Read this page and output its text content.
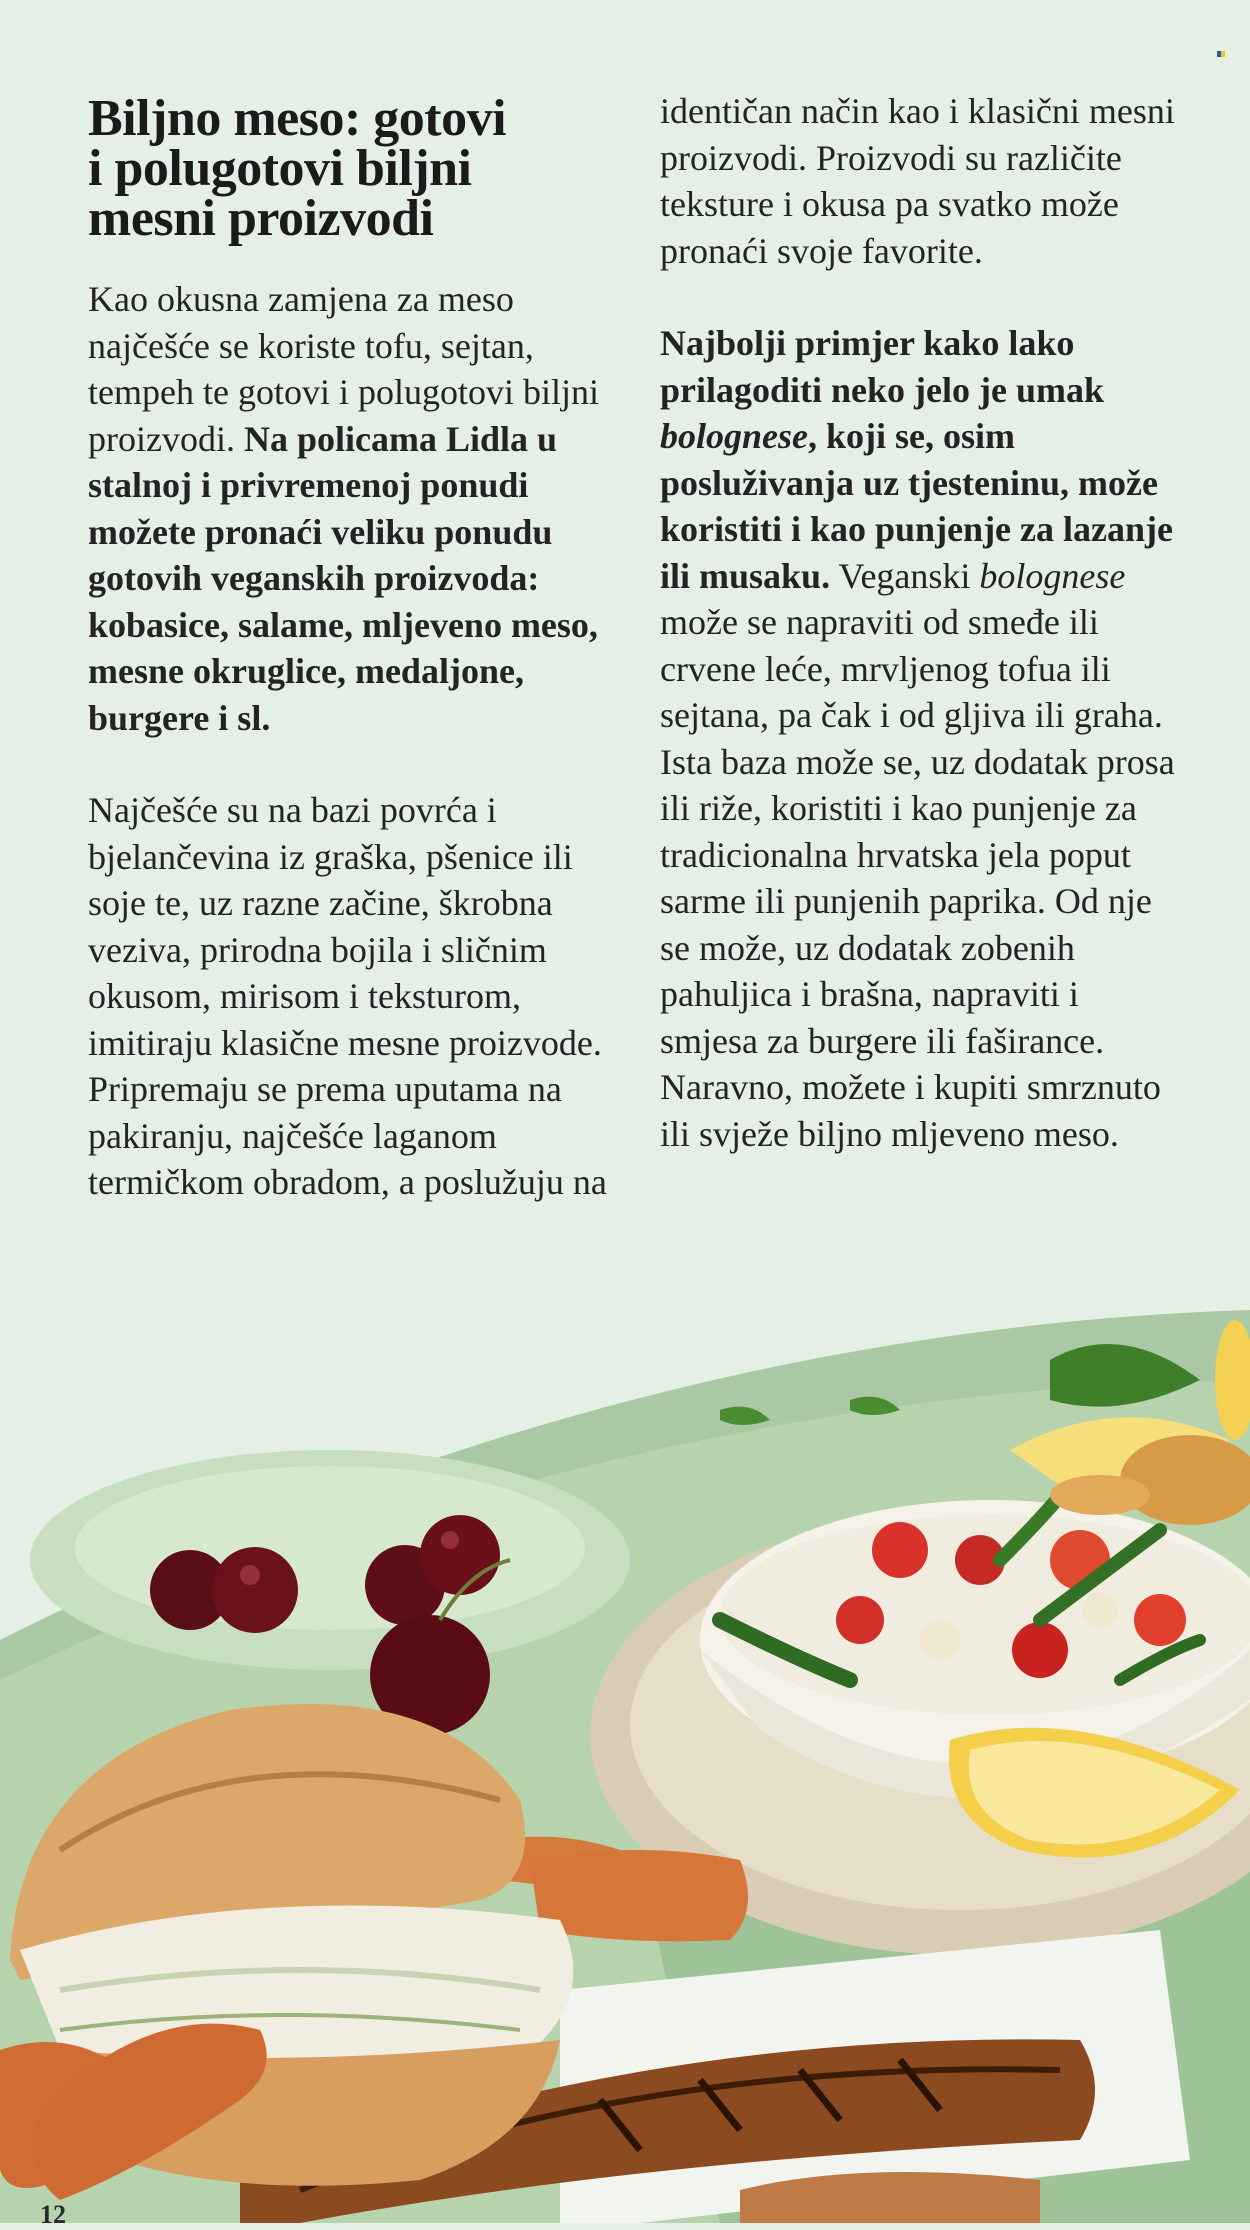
Biljno meso: gotovi
i polugotovi biljni
mesni proizvodi

Kao okusna zamjena za meso najčešće se koriste tofu, sejtan, tempeh te gotovi i polugotovi biljni proizvodi. Na policama Lidla u stalnoj i privremenoj ponudi možete pronaći veliku ponudu gotovih veganskih proizvoda: kobasice, salame, mljeveno meso, mesne okruglice, medaljone, burgere i sl.

Najčešće su na bazi povrća i bjelančevina iz graška, pšenice ili soje te, uz razne začine, škrobna veziva, prirodna bojila i sličnim okusom, mirisom i teksturom, imitiraju klasične mesne proizvode. Pripremaju se prema uputama na pakiranju, najčešće laganom termičkom obradom, a poslužuju na

identičan način kao i klasični mesni proizvodi. Proizvodi su različite teksture i okusa pa svatko može pronaći svoje favorite.

Najbolji primjer kako lako prilagoditi neko jelo je umak bolognese, koji se, osim posluživanja uz tjesteninu, može koristiti i kao punjenje za lazanje ili musaku. Veganski bolognese može se napraviti od smeđe ili crvene leće, mrvljenog tofua ili sejtana, pa čak i od gljiva ili graha. Ista baza može se, uz dodatak prosa ili riže, koristiti i kao punjenje za tradicionalna hrvatska jela poput sarme ili punjenih paprika. Od nje se može, uz dodatak zobenih pahuljica i brašna, napraviti i smjesa za burgere ili faširance. Naravno, možete i kupiti smrznuto ili svježe biljno mljeveno meso.

12
